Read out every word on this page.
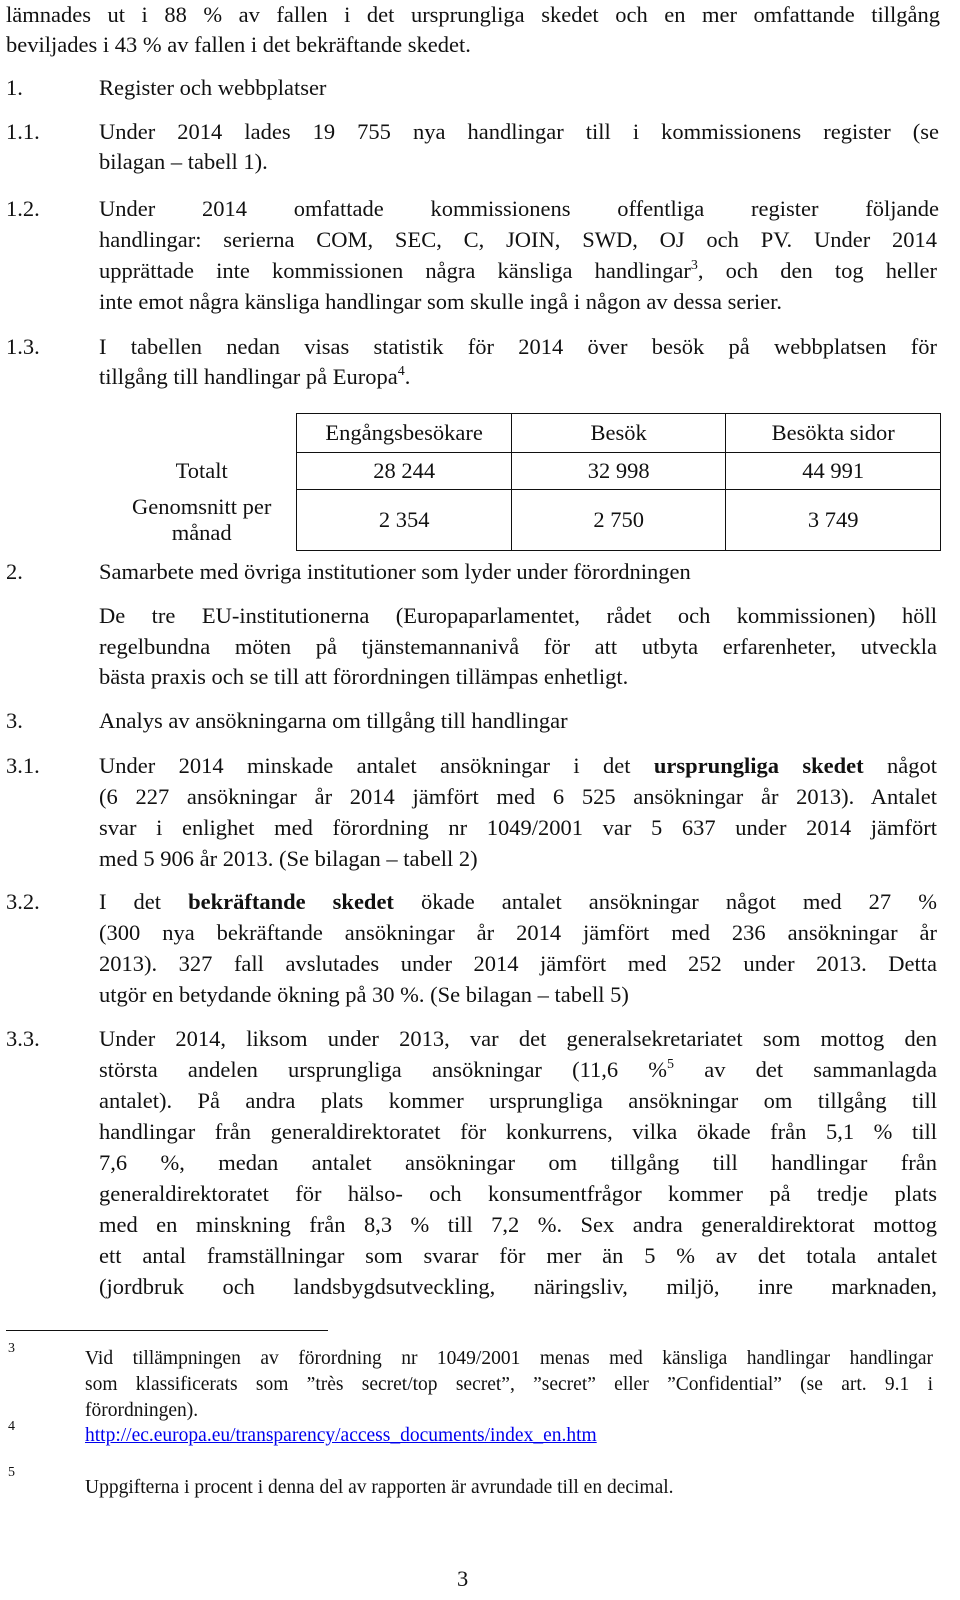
lämnades ut i 88 % av fallen i det ursprungliga skedet och en mer omfattande tillgång
beviljades i 43 % av fallen i det bekräftande skedet.
1.	Register och webbplatser
1.1.	Under 2014 lades 19 755 nya handlingar till i kommissionens register (se
bilagan – tabell 1).
1.2.	Under 2014 omfattade kommissionens offentliga register följande
handlingar: serierna COM, SEC, C, JOIN, SWD, OJ och PV. Under 2014
upprättade inte kommissionen några känsliga handlingar$^3$, och den tog heller
inte emot några känsliga handlingar som skulle ingå i någon av dessa serier.
1.3.	I tabellen nedan visas statistik för 2014 över besök på webbplatsen för
tillgång till handlingar på Europa$^4$.
	Engångsbesökare	Besök	Besökta sidor
Totalt	28 244	32 998	44 991

Genomsnitt per
månad	2 354	2 750	3 749
2.	Samarbete med övriga institutioner som lyder under förordningen
De tre EU-institutionerna (Europaparlamentet, rådet och kommissionen) höll
regelbundna möten på tjänstemannanivå för att utbyta erfarenheter, utveckla
bästa praxis och se till att förordningen tillämpas enhetligt.
3.	Analys av ansökningarna om tillgång till handlingar
3.1.	Under 2014 minskade antalet ansökningar i det ursprungliga skedet något
(6 227 ansökningar år 2014 jämfört med 6 525 ansökningar år 2013). Antalet
svar i enlighet med förordning nr 1049/2001 var 5 637 under 2014 jämfört
med 5 906 år 2013. (Se bilagan – tabell 2)
3.2.	I det bekräftande skedet ökade antalet ansökningar något med 27 %
(300 nya bekräftande ansökningar år 2014 jämfört med 236 ansökningar år
2013). 327 fall avslutades under 2014 jämfört med 252 under 2013. Detta
utgör en betydande ökning på 30 %. (Se bilagan – tabell 5)
3.3.	Under 2014, liksom under 2013, var det generalsekretariatet som mottog den
största andelen ursprungliga ansökningar (11,6 %$^5$ av det sammanlagda
antalet). På andra plats kommer ursprungliga ansökningar om tillgång till
handlingar från generaldirektoratet för konkurrens, vilka ökade från 5,1 % till
7,6 %, medan antalet ansökningar om tillgång till handlingar från
generaldirektoratet för hälso- och konsumentfrågor kommer på tredje plats
med en minskning från 8,3 % till 7,2 %. Sex andra generaldirektorat mottog
ett antal framställningar som svarar för mer än 5 % av det totala antalet
(jordbruk och landsbygdsutveckling, näringsliv, miljö, inre marknaden,
3	Vid tillämpningen av förordning nr 1049/2001 menas med känsliga handlingar handlingar
som klassificerats som ”très secret/top secret”, ”secret” eller ”Confidential” (se art. 9.1 i
förordningen).
4	http://ec.europa.eu/transparency/access_documents/index_en.htm
5
Uppgifterna i procent i denna del av rapporten är avrundade till en decimal.
3
